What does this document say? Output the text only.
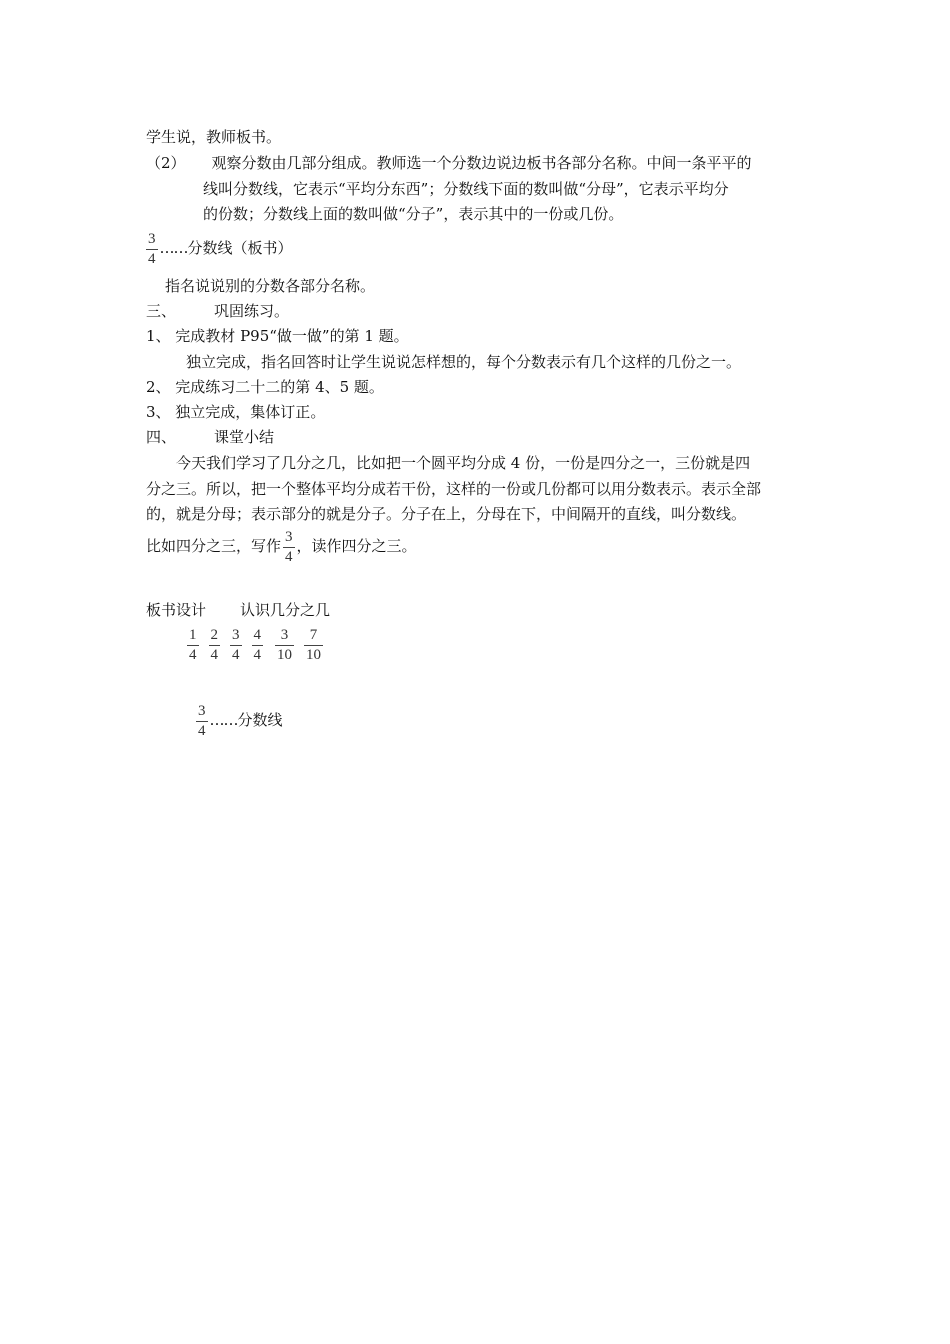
学生说，教师板书。
（2） 观察分数由几部分组成。教师选一个分数边说边板书各部分名称。中间一条平平的
线叫分数线，它表示“平均分东西”；分数线下面的数叫做“分母”，它表示平均分
的份数；分数线上面的数叫做“分子”，表示其中的一份或几份。
$\frac{3}{4}$ ……分数线（板书）
指名说说别的分数各部分名称。
三、	巩固练习。
1、 完成教材 P95“做一做”的第 1 题。
独立完成，指名回答时让学生说说怎样想的，每个分数表示有几个这样的几份之一。
2、 完成练习二十二的第 4、5 题。
3、 独立完成，集体订正。
四、	课堂小结
今天我们学习了几分之几，比如把一个圆平均分成 4 份，一份是四分之一，三份就是四
分之三。所以，把一个整体平均分成若干份，这样的一份或几份都可以用分数表示。表示全部
的，就是分母；表示部分的就是分子。分子在上，分母在下，中间隔开的直线，叫分数线。
比如四分之三，写作 $\frac{3}{4}$ ，读作四分之三。
板书设计 认识几分之几
$\frac{1}{4} \frac{2}{4} \frac{3}{4} \frac{4}{4} \frac{3}{10} \frac{7}{10}$
$\frac{3}{4}$ ……分数线
